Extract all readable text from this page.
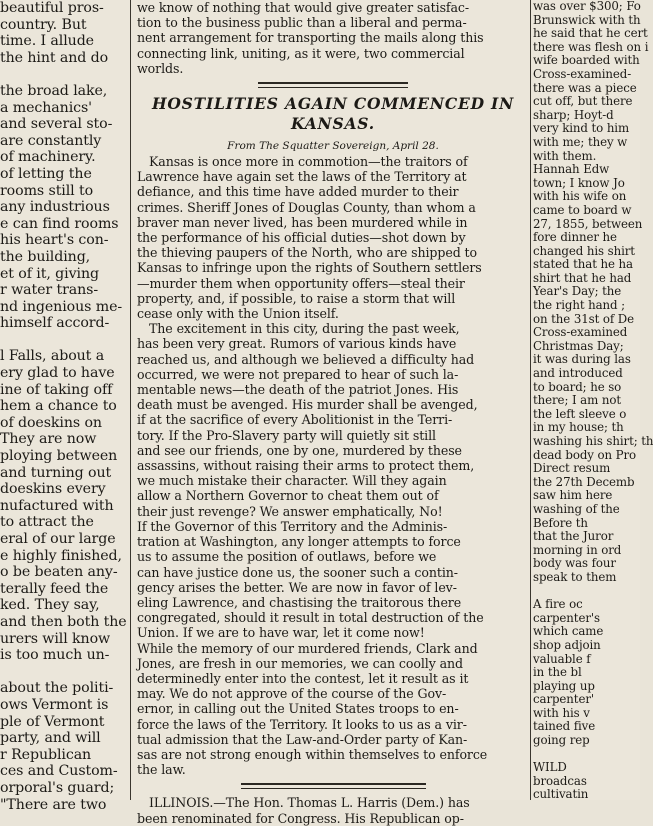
beautiful pros-
country. But
time. I allude
the hint and do

the broad lake,
a mechanics'
and several sto-
are constantly
of machinery.
of letting the
rooms still to
any industrious
e can find rooms
his heart's con-
the building,
et of it, giving
r water trans-
nd ingenious me-
himself accord-

l Falls, about a
ery glad to have
ine of taking off
hem a chance to
of doeskins on
They are now
ploying between
and turning out
doeskins every
nufactured with
to attract the
eral of our large
e highly finished,
o be beaten any-
terally feed the
ked. They say,
and then both the
urers will know
is too much un-

about the politi-
ows Vermont is
ple of Vermont
party, and will
r Republican
ces and Custom-
orporal's guard;
"There are two
we know of nothing that would give greater satisfac-
tion to the business public than a liberal and perma-
nent arrangement for transporting the mails along this
connecting link, uniting, as it were, two commercial
worlds.

HOSTILITIES AGAIN COMMENCED IN

KANSAS.

From The Squatter Sovereign, April 28.
Kansas is once more in commotion—the traitors of
Lawrence have again set the laws of the Territory at
defiance, and this time have added murder to their
crimes. Sheriff Jones of Douglas County, than whom a
braver man never lived, has been murdered while in
the performance of his official duties—shot down by
the thieving paupers of the North, who are shipped to
Kansas to infringe upon the rights of Southern settlers
—murder them when opportunity offers—steal their
property, and, if possible, to raise a storm that will
cease only with the Union itself.
The excitement in this city, during the past week,
has been very great. Rumors of various kinds have
reached us, and although we believed a difficulty had
occurred, we were not prepared to hear of such la-
mentable news—the death of the patriot Jones. His
death must be avenged. His murder shall be avenged,
if at the sacrifice of every Abolitionist in the Terri-
tory. If the Pro-Slavery party will quietly sit still
and see our friends, one by one, murdered by these
assassins, without raising their arms to protect them,
we much mistake their character. Will they again
allow a Northern Governor to cheat them out of
their just revenge? We answer emphatically, No!
If the Governor of this Territory and the Adminis-
tration at Washington, any longer attempts to force
us to assume the position of outlaws, before we
can have justice done us, the sooner such a contin-
gency arises the better. We are now in favor of lev-
eling Lawrence, and chastising the traitorous there
congregated, should it result in total destruction of the
Union. If we are to have war, let it come now!
While the memory of our murdered friends, Clark and
Jones, are fresh in our memories, we can coolly and
determinedly enter into the contest, let it result as it
may. We do not approve of the course of the Gov-
ernor, in calling out the United States troops to en-
force the laws of the Territory. It looks to us as a vir-
tual admission that the Law-and-Order party of Kan-
sas are not strong enough within themselves to enforce
the law.
ILLINOIS.—The Hon. Thomas L. Harris (Dem.) has
been renominated for Congress. His Republican op-
was over $300; Fo
Brunswick with th
he said that he cert
there was flesh on i
wife boarded with
Cross-examined-
there was a piece
cut off, but there
sharp; Hoyt-d
very kind to him
with me; they w
with them.
Hannah Edw
town; I know Jo
with his wife on
came to board w
27, 1855, between
fore dinner he
changed his shirt
stated that he ha
shirt that he had
Year's Day; the
the right hand ;
on the 31st of De
Cross-examined
Christmas Day;
it was during las
and introduced
to board; he so
there; I am not
the left sleeve o
in my house; th
washing his shirt; th
dead body on Pro
Direct resum
the 27th Decemb
saw him here
washing of the
Before th
that the Juror
morning in ord
body was four
speak to them

A fire oc
carpenter's
which came
shop adjoin
valuable f
in the bl
playing up
carpenter'
with his v
tained five
going rep

WILD
broadcas
cultivatin
